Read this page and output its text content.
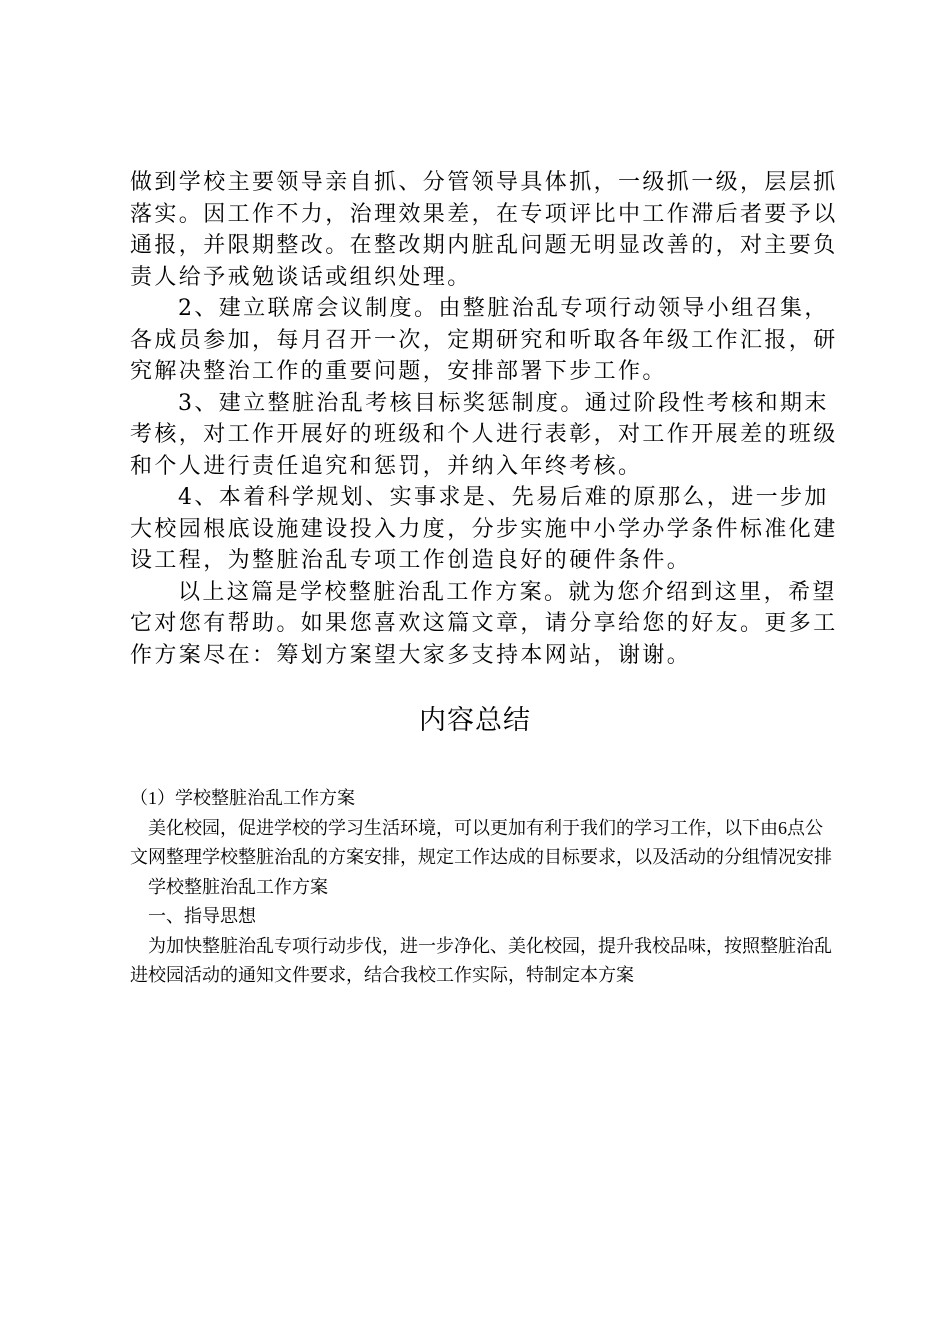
做到学校主要领导亲自抓、分管领导具体抓，一级抓一级，层层抓落实。因工作不力，治理效果差，在专项评比中工作滞后者要予以通报，并限期整改。在整改期内脏乱问题无明显改善的，对主要负责人给予戒勉谈话或组织处理。

2、建立联席会议制度。由整脏治乱专项行动领导小组召集，各成员参加，每月召开一次，定期研究和听取各年级工作汇报，研究解决整治工作的重要问题，安排部署下步工作。

3、建立整脏治乱考核目标奖惩制度。通过阶段性考核和期末考核，对工作开展好的班级和个人进行表彰，对工作开展差的班级和个人进行责任追究和惩罚，并纳入年终考核。

4、本着科学规划、实事求是、先易后难的原那么，进一步加大校园根底设施建设投入力度，分步实施中小学办学条件标准化建设工程，为整脏治乱专项工作创造良好的硬件条件。

以上这篇是学校整脏治乱工作方案。就为您介绍到这里，希望它对您有帮助。如果您喜欢这篇文章，请分享给您的好友。更多工作方案尽在：筹划方案望大家多支持本网站，谢谢。

内容总结

（1）学校整脏治乱工作方案

美化校园，促进学校的学习生活环境，可以更加有利于我们的学习工作，以下由6点公文网整理学校整脏治乱的方案安排，规定工作达成的目标要求，以及活动的分组情况安排

学校整脏治乱工作方案

一、指导思想

为加快整脏治乱专项行动步伐，进一步净化、美化校园，提升我校品味，按照整脏治乱进校园活动的通知文件要求，结合我校工作实际，特制定本方案
